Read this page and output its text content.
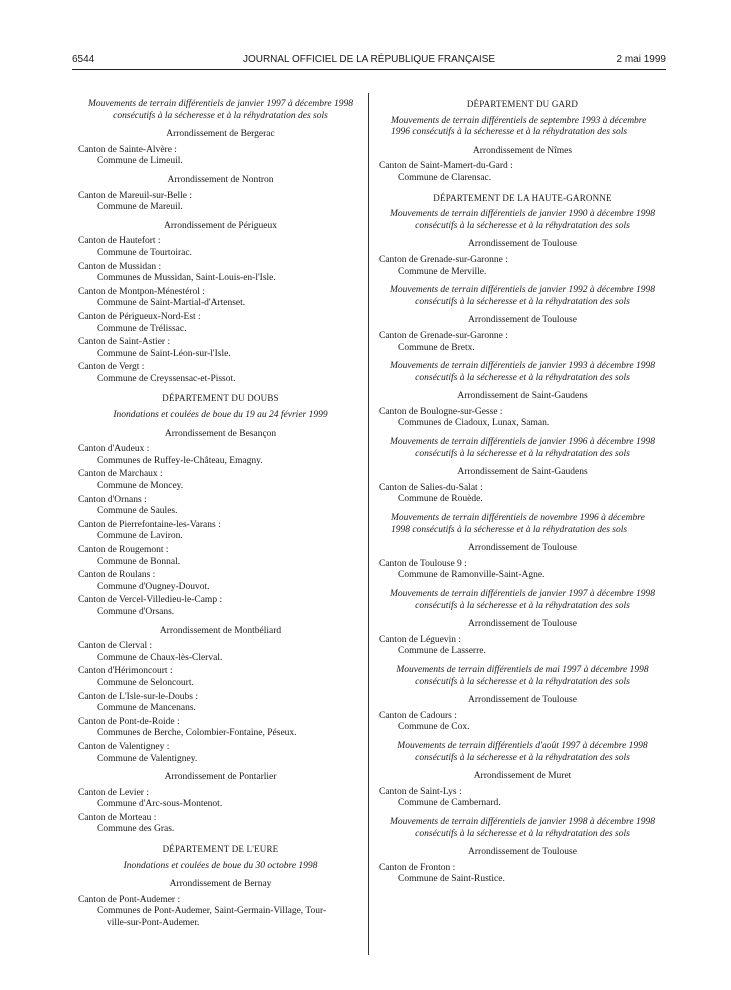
6544	JOURNAL OFFICIEL DE LA RÉPUBLIQUE FRANÇAISE	2 mai 1999
Mouvements de terrain différentiels de janvier 1997 à décembre 1998 consécutifs à la sécheresse et à la réhydratation des sols
Arrondissement de Bergerac
Canton de Sainte-Alvère :
Commune de Limeuil.
Arrondissement de Nontron
Canton de Mareuil-sur-Belle :
Commune de Mareuil.
Arrondissement de Périgueux
Canton de Hautefort :
Commune de Tourtoirac.
Canton de Mussidan :
Communes de Mussidan, Saint-Louis-en-l'Isle.
Canton de Montpon-Ménestérol :
Commune de Saint-Martial-d'Artenset.
Canton de Périgueux-Nord-Est :
Commune de Trélissac.
Canton de Saint-Astier :
Commune de Saint-Léon-sur-l'Isle.
Canton de Vergt :
Commune de Creyssensac-et-Pissot.
DÉPARTEMENT DU DOUBS
Inondations et coulées de boue du 19 au 24 février 1999
Arrondissement de Besançon
Canton d'Audeux :
Communes de Ruffey-le-Château, Emagny.
Canton de Marchaux :
Commune de Moncey.
Canton d'Ornans :
Commune de Saules.
Canton de Pierrefontaine-les-Varans :
Commune de Laviron.
Canton de Rougemont :
Commune de Bonnal.
Canton de Roulans :
Commune d'Ougney-Douvot.
Canton de Vercel-Villedieu-le-Camp :
Commune d'Orsans.
Arrondissement de Montbéliard
Canton de Clerval :
Commune de Chaux-lès-Clerval.
Canton d'Hérimoncourt :
Commune de Seloncourt.
Canton de L'Isle-sur-le-Doubs :
Commune de Mancenans.
Canton de Pont-de-Roide :
Communes de Berche, Colombier-Fontaine, Péseux.
Canton de Valentigney :
Commune de Valentigney.
Arrondissement de Pontarlier
Canton de Levier :
Commune d'Arc-sous-Montenot.
Canton de Morteau :
Commune des Gras.
DÉPARTEMENT DE L'EURE
Inondations et coulées de boue du 30 octobre 1998
Arrondissement de Bernay
Canton de Pont-Audemer :
Communes de Pont-Audemer, Saint-Germain-Village, Tour-
ville-sur-Pont-Audemer.
DÉPARTEMENT DU GARD
Mouvements de terrain différentiels de septembre 1993 à décembre 1996 consécutifs à la sécheresse et à la réhydratation des sols
Arrondissement de Nîmes
Canton de Saint-Mamert-du-Gard :
Commune de Clarensac.
DÉPARTEMENT DE LA HAUTE-GARONNE
Mouvements de terrain différentiels de janvier 1990 à décembre 1998 consécutifs à la sécheresse et à la réhydratation des sols
Arrondissement de Toulouse
Canton de Grenade-sur-Garonne :
Commune de Merville.
Mouvements de terrain différentiels de janvier 1992 à décembre 1998 consécutifs à la sécheresse et à la réhydratation des sols
Arrondissement de Toulouse
Canton de Grenade-sur-Garonne :
Commune de Bretx.
Mouvements de terrain différentiels de janvier 1993 à décembre 1998 consécutifs à la sécheresse et à la réhydratation des sols
Arrondissement de Saint-Gaudens
Canton de Boulogne-sur-Gesse :
Communes de Ciadoux, Lunax, Saman.
Mouvements de terrain différentiels de janvier 1996 à décembre 1998 consécutifs à la sécheresse et à la réhydratation des sols
Arrondissement de Saint-Gaudens
Canton de Salies-du-Salat :
Commune de Rouède.
Mouvements de terrain différentiels de novembre 1996 à décembre 1998 consécutifs à la sécheresse et à la réhydratation des sols
Arrondissement de Toulouse
Canton de Toulouse 9 :
Commune de Ramonville-Saint-Agne.
Mouvements de terrain différentiels de janvier 1997 à décembre 1998 consécutifs à la sécheresse et à la réhydratation des sols
Arrondissement de Toulouse
Canton de Léguevin :
Commune de Lasserre.
Mouvements de terrain différentiels de mai 1997 à décembre 1998 consécutifs à la sécheresse et à la réhydratation des sols
Arrondissement de Toulouse
Canton de Cadours :
Commune de Cox.
Mouvements de terrain différentiels d'août 1997 à décembre 1998 consécutifs à la sécheresse et à la réhydratation des sols
Arrondissement de Muret
Canton de Saint-Lys :
Commune de Cambernard.
Mouvements de terrain différentiels de janvier 1998 à décembre 1998 consécutifs à la sécheresse et à la réhydratation des sols
Arrondissement de Toulouse
Canton de Fronton :
Commune de Saint-Rustice.
